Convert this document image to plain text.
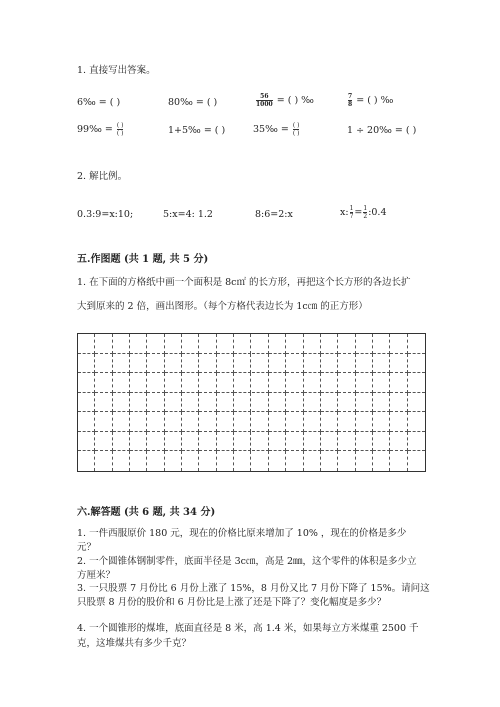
1. 直接写出答案。
6‰ = ( )	80‰ = ( )	$\frac{56}{1000}$ = ( ) ‰	$\frac{7}{8}$ = ( ) ‰
99‰ = $\frac{( )}{( )}$	1+5‰ = ( )	35‰ = $\frac{( )}{( )}$	1 ÷ 20‰ = ( )
2. 解比例。
0.3:9=x:10;	5:x=4: 1.2	8:6=2:x	x: $\frac{1}{7} = \frac{1}{2}$ :0.4
五.作图题 (共 1 题, 共 5 分)
1. 在下面的方格纸中画一个面积是 8c㎡ 的长方形，再把这个长方形的各边长扩
大到原来的 2 倍，画出图形。（每个方格代表边长为 1c㎝ 的正方形）
六.解答题 (共 6 题, 共 34 分)
1. 一件西服原价 180 元，现在的价格比原来增加了 10% ，现在的价格是多少
元？
2. 一个圆锥体钢制零件，底面半径是 3c㎝，高是 2㎜，这个零件的体积是多少立
方厘米？
3. 一只股票 7 月份比 6 月份上涨了 15%，8 月份又比 7 月份下降了 15%。请问这
只股票 8 月份的股价和 6 月份比是上涨了还是下降了？变化幅度是多少？
4. 一个圆锥形的煤堆，底面直径是 8 米，高 1.4 米，如果每立方米煤重 2500 千
克，这堆煤共有多少千克？
